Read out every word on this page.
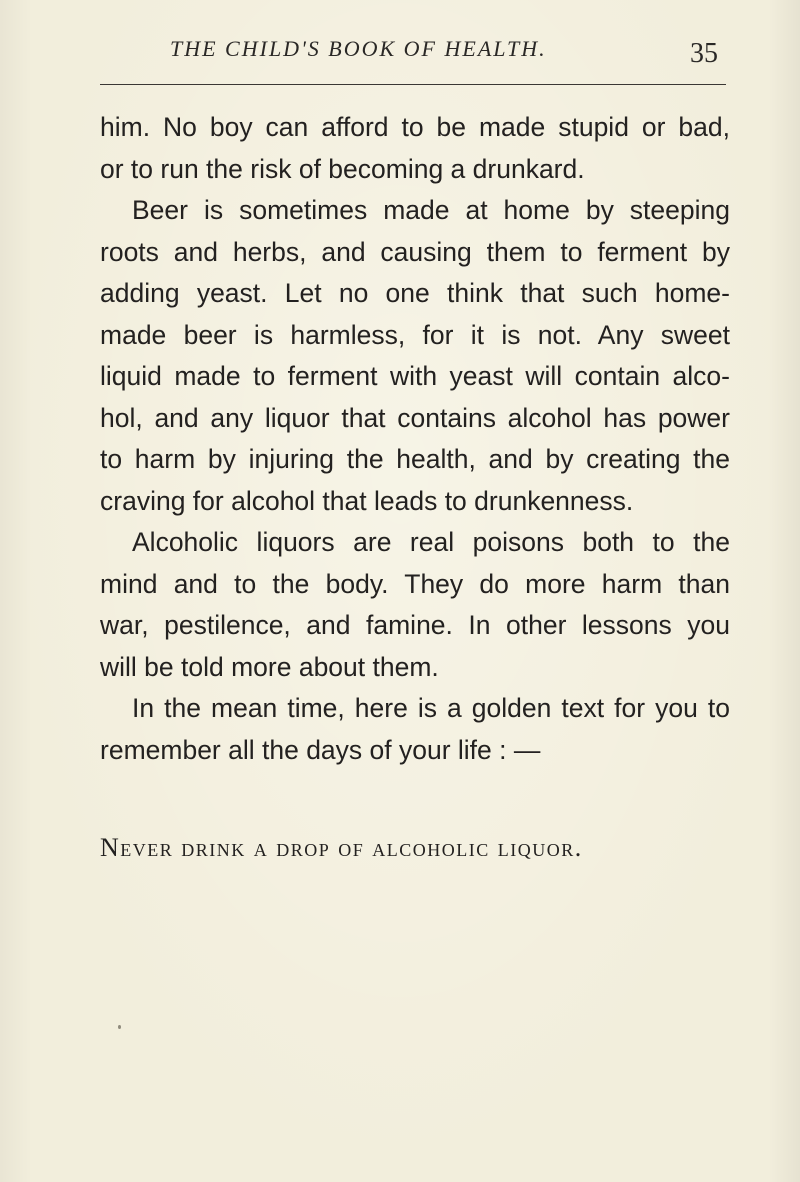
THE CHILD'S BOOK OF HEALTH.	35
him. No boy can afford to be made stupid or bad,
or to run the risk of becoming a drunkard.
Beer is sometimes made at home by steeping
roots and herbs, and causing them to ferment by
adding yeast. Let no one think that such home-
made beer is harmless, for it is not. Any sweet
liquid made to ferment with yeast will contain alco-
hol, and any liquor that contains alcohol has power
to harm by injuring the health, and by creating the
craving for alcohol that leads to drunkenness.
Alcoholic liquors are real poisons both to the
mind and to the body. They do more harm than
war, pestilence, and famine. In other lessons you
will be told more about them.
In the mean time, here is a golden text for you to
remember all the days of your life : —
Never drink a drop of alcoholic liquor.
